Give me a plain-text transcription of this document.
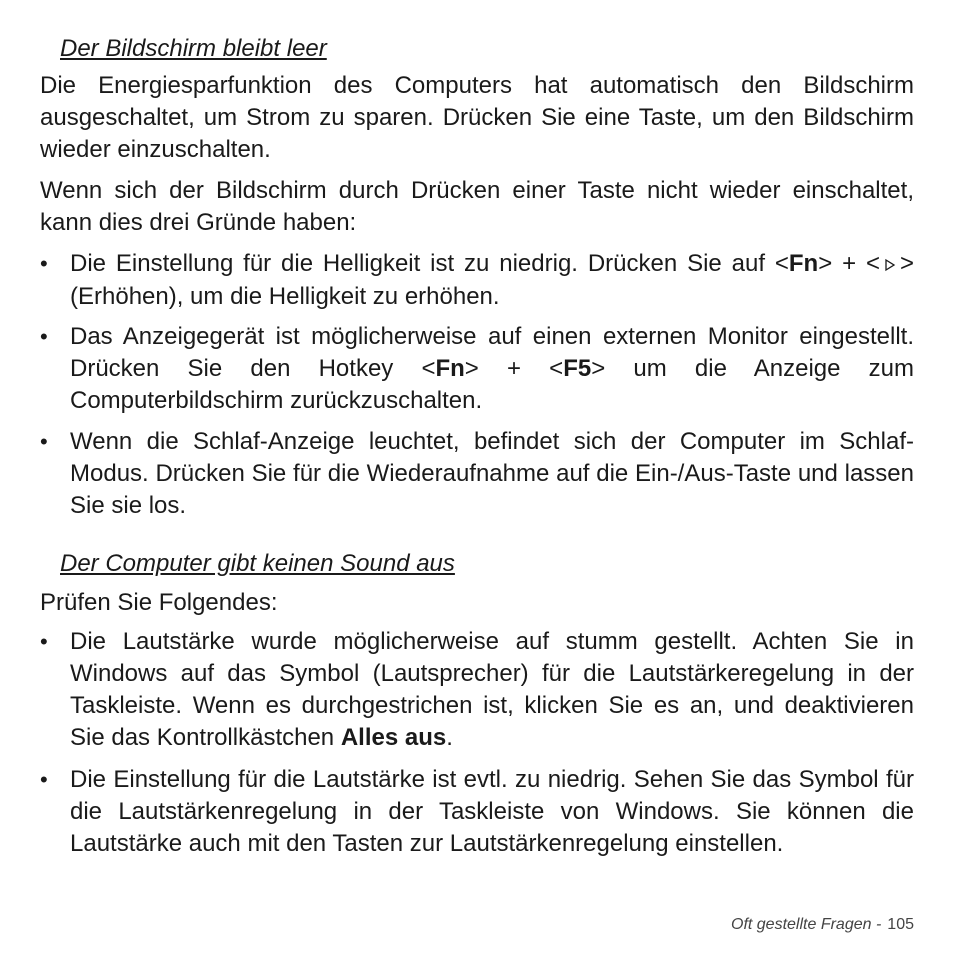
Der Bildschirm bleibt leer
Die Energiesparfunktion des Computers hat automatisch den Bildschirm ausgeschaltet, um Strom zu sparen. Drücken Sie eine Taste, um den Bildschirm wieder einzuschalten.
Wenn sich der Bildschirm durch Drücken einer Taste nicht wieder einschaltet, kann dies drei Gründe haben:
• Die Einstellung für die Helligkeit ist zu niedrig. Drücken Sie auf <Fn> + < > (Erhöhen), um die Helligkeit zu erhöhen.
• Das Anzeigegerät ist möglicherweise auf einen externen Monitor eingestellt. Drücken Sie den Hotkey <Fn> + <F5> um die Anzeige zum Computerbildschirm zurückzuschalten.
• Wenn die Schlaf-Anzeige leuchtet, befindet sich der Computer im Schlaf-Modus. Drücken Sie für die Wiederaufnahme auf die Ein-/Aus-Taste und lassen Sie sie los.
Der Computer gibt keinen Sound aus
Prüfen Sie Folgendes:
• Die Lautstärke wurde möglicherweise auf stumm gestellt. Achten Sie in Windows auf das Symbol (Lautsprecher) für die Lautstärkeregelung in der Taskleiste. Wenn es durchgestrichen ist, klicken Sie es an, und deaktivieren Sie das Kontrollkästchen Alles aus.
• Die Einstellung für die Lautstärke ist evtl. zu niedrig. Sehen Sie das Symbol für die Lautstärkenregelung in der Taskleiste von Windows. Sie können die Lautstärke auch mit den Tasten zur Lautstärkenregelung einstellen.
Oft gestellte Fragen - 105
